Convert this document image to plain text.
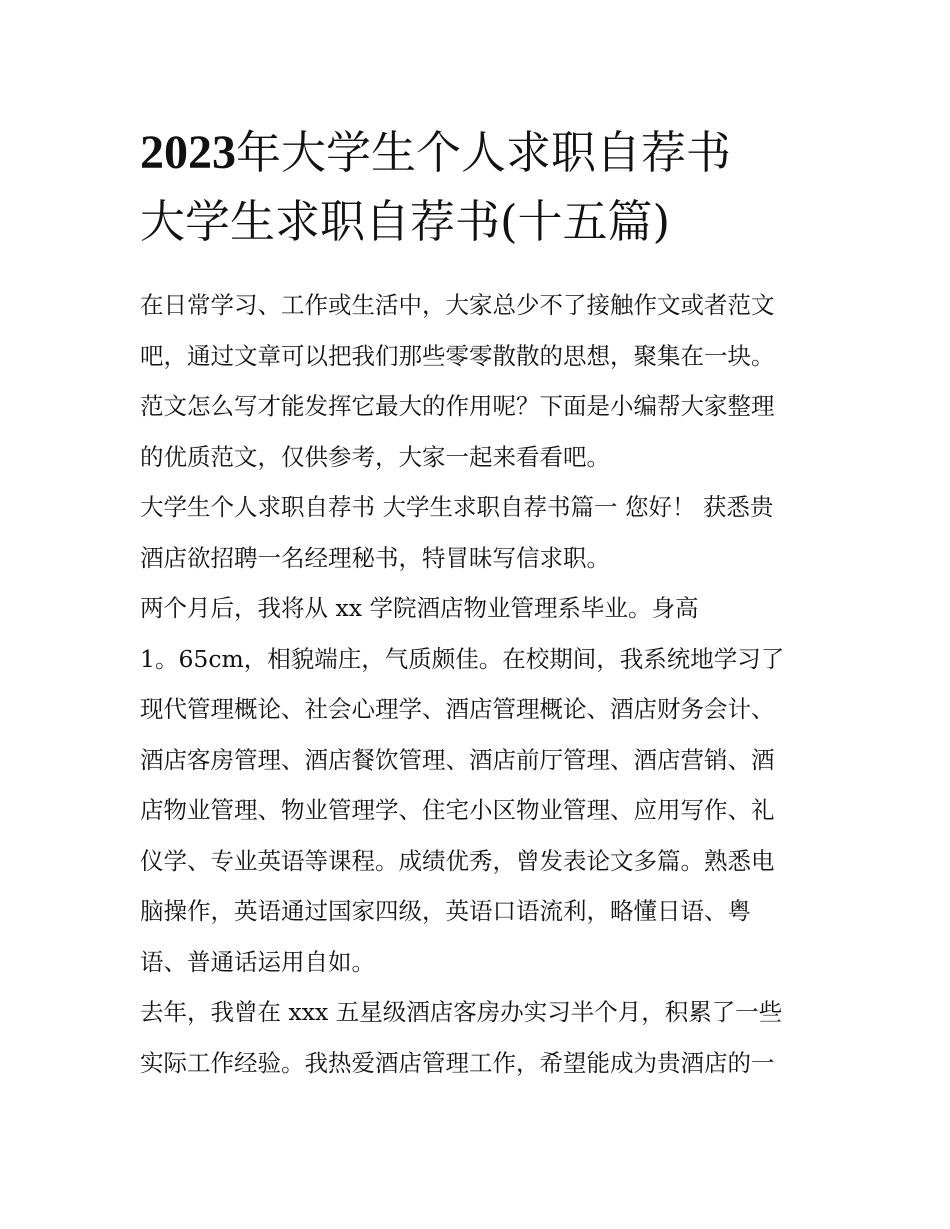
2023年大学生个人求职自荐书
大学生求职自荐书(十五篇)
在日常学习、工作或生活中，大家总少不了接触作文或者范文
吧，通过文章可以把我们那些零零散散的思想，聚集在一块。
范文怎么写才能发挥它最大的作用呢？下面是小编帮大家整理
的优质范文，仅供参考，大家一起来看看吧。
大学生个人求职自荐书 大学生求职自荐书篇一 您好！ 获悉贵
酒店欲招聘一名经理秘书，特冒昧写信求职。
两个月后，我将从 xx 学院酒店物业管理系毕业。身高
1。65cm，相貌端庄，气质颇佳。在校期间，我系统地学习了
现代管理概论、社会心理学、酒店管理概论、酒店财务会计、
酒店客房管理、酒店餐饮管理、酒店前厅管理、酒店营销、酒
店物业管理、物业管理学、住宅小区物业管理、应用写作、礼
仪学、专业英语等课程。成绩优秀，曾发表论文多篇。熟悉电
脑操作，英语通过国家四级，英语口语流利，略懂日语、粤
语、普通话运用自如。
去年，我曾在 xxx 五星级酒店客房办实习半个月，积累了一些
实际工作经验。我热爱酒店管理工作，希望能成为贵酒店的一
